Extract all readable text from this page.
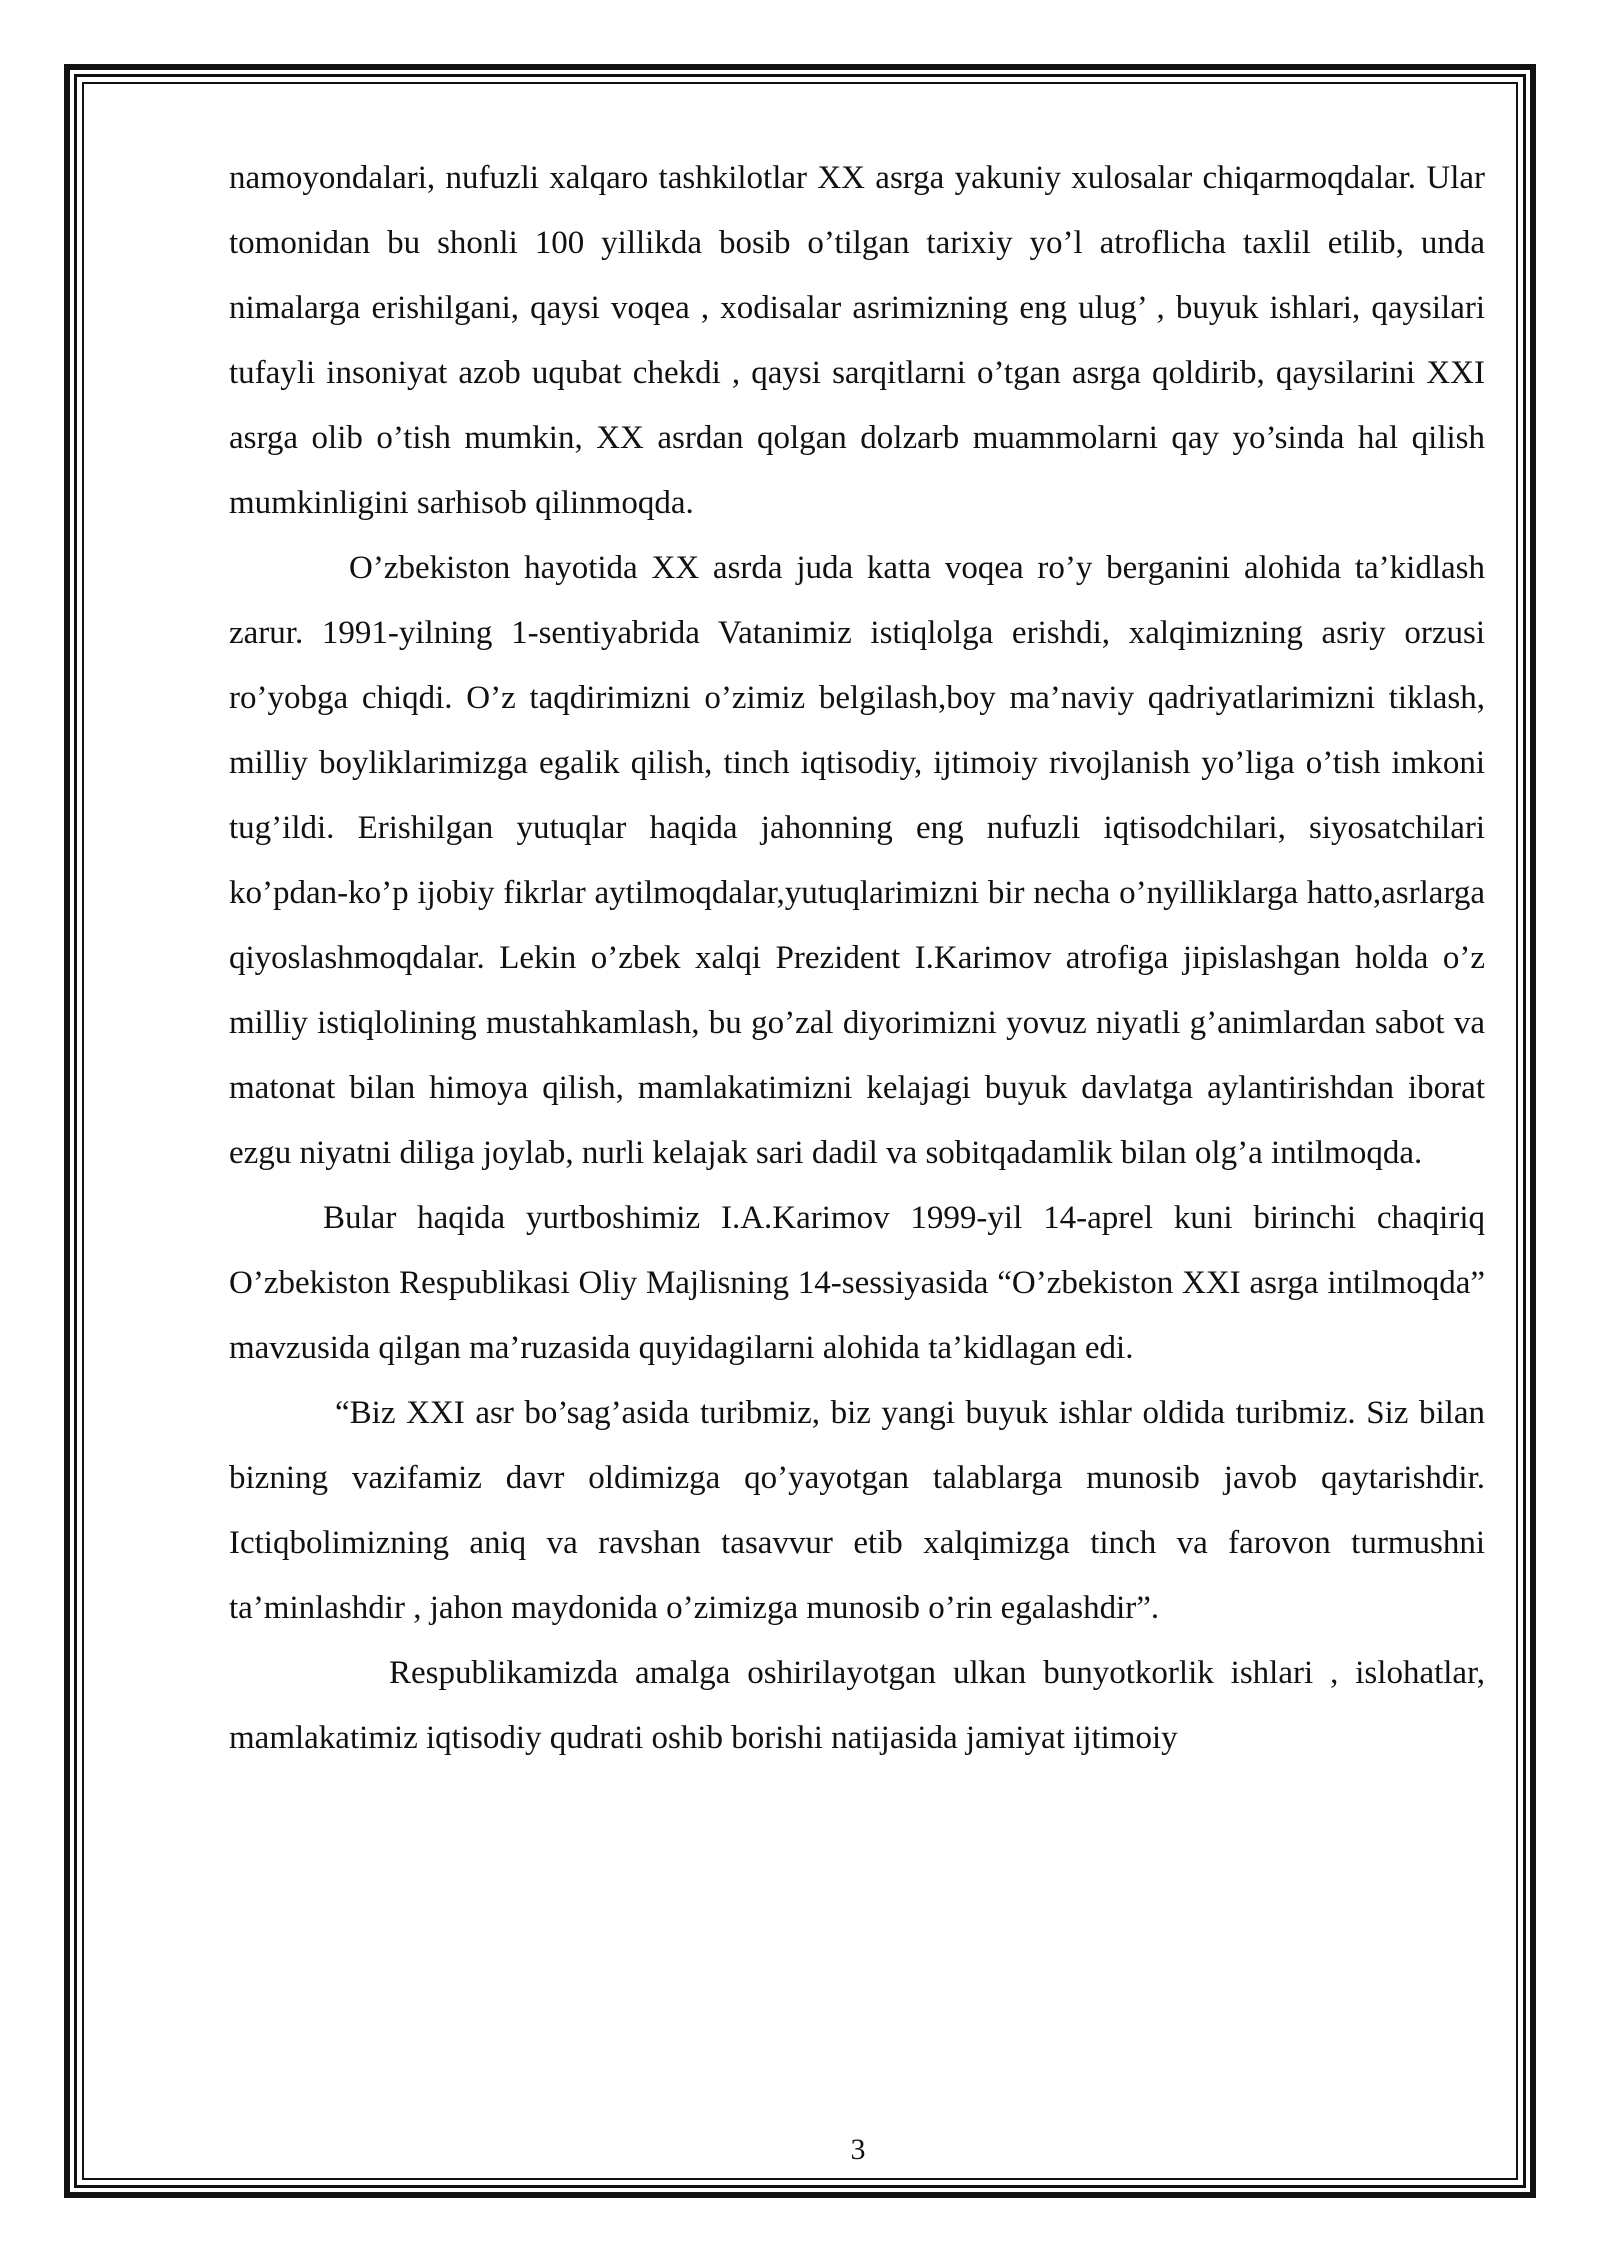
namoyondalari, nufuzli xalqaro tashkilotlar XX asrga yakuniy xulosalar chiqarmoqdalar. Ular tomonidan bu shonli 100 yillikda bosib o’tilgan tarixiy yo’l atroflicha taxlil etilib, unda nimalarga erishilgani, qaysi voqea , xodisalar asrimizning eng ulug’ , buyuk ishlari, qaysilari tufayli insoniyat azob uqubat chekdi , qaysi sarqitlarni o’tgan asrga qoldirib, qaysilarini XXI asrga olib o’tish mumkin, XX asrdan qolgan dolzarb muammolarni qay yo’sinda hal qilish mumkinligini sarhisob qilinmoqda.

O’zbekiston hayotida XX asrda juda katta voqea ro’y berganini alohida ta’kidlash zarur. 1991-yilning 1-sentiyabrida Vatanimiz istiqlolga erishdi, xalqimizning asriy orzusi ro’yobga chiqdi. O’z taqdirimizni o’zimiz belgilash,boy ma’naviy qadriyatlarimizni tiklash, milliy boyliklarimizga egalik qilish, tinch iqtisodiy, ijtimoiy rivojlanish yo’liga o’tish imkoni tug’ildi. Erishilgan yutuqlar haqida jahonning eng nufuzli iqtisodchilari, siyosatchilari ko’pdan-ko’p ijobiy fikrlar aytilmoqdalar,yutuqlarimizni bir necha o’nyilliklarga hatto,asrlarga qiyoslashmoqdalar. Lekin o’zbek xalqi Prezident I.Karimov atrofiga jipislashgan holda o’z milliy istiqlolining mustahkamlash, bu go’zal diyorimizni yovuz niyatli g’animlardan sabot va matonat bilan himoya qilish, mamlakatimizni kelajagi buyuk davlatga aylantirishdan iborat ezgu niyatni diliga joylab, nurli kelajak sari dadil va sobitqadamlik bilan olg’a intilmoqda.

Bular haqida yurtboshimiz I.A.Karimov 1999-yil 14-aprel kuni birinchi chaqiriq O’zbekiston Respublikasi Oliy Majlisning 14-sessiyasida “O’zbekiston XXI asrga intilmoqda” mavzusida qilgan ma’ruzasida quyidagilarni alohida ta’kidlagan edi.

“Biz XXI asr bo’sag’asida turibmiz, biz yangi buyuk ishlar oldida turibmiz. Siz bilan bizning vazifamiz davr oldimizga qo’yayotgan talablarga munosib javob qaytarishdir. Ictiqbolimizning aniq va ravshan tasavvur etib xalqimizga tinch va farovon turmushni ta’minlashdir , jahon maydonida o’zimizga munosib o’rin egalashdir”.

Respublikamizda amalga oshirilayotgan ulkan bunyotkorlik ishlari , islohatlar, mamlakatimiz iqtisodiy qudrati oshib borishi natijasida jamiyat ijtimoiy

3
